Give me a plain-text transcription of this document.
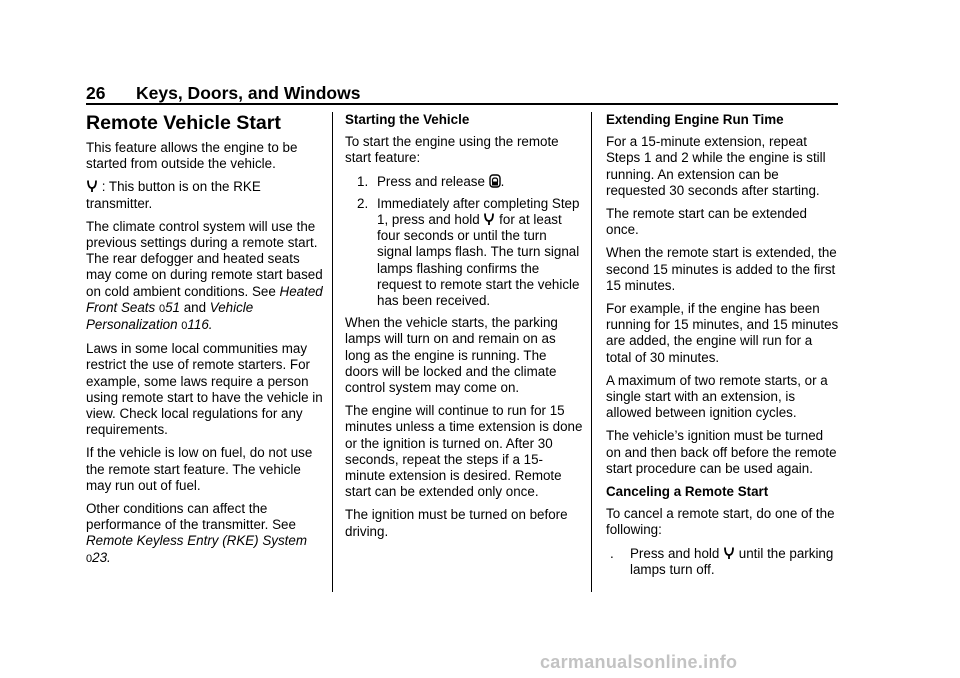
26 Keys, Doors, and Windows
Remote Vehicle Start

This feature allows the engine to be started from outside the vehicle.

: This button is on the RKE transmitter.

The climate control system will use the previous settings during a remote start. The rear defogger and heated seats may come on during remote start based on cold ambient conditions. See Heated Front Seats 051 and Vehicle Personalization 0116.

Laws in some local communities may restrict the use of remote starters. For example, some laws require a person using remote start to have the vehicle in view. Check local regulations for any requirements.

If the vehicle is low on fuel, do not use the remote start feature. The vehicle may run out of fuel.

Other conditions can affect the performance of the transmitter. See Remote Keyless Entry (RKE) System 023.

Starting the Vehicle

To start the engine using the remote start feature:

1. Press and release .
2. Immediately after completing Step 1, press and hold  for at least four seconds or until the turn signal lamps flash. The turn signal lamps flashing confirms the request to remote start the vehicle has been received.

When the vehicle starts, the parking lamps will turn on and remain on as long as the engine is running. The doors will be locked and the climate control system may come on.

The engine will continue to run for 15 minutes unless a time extension is done or the ignition is turned on. After 30 seconds, repeat the steps if a 15-minute extension is desired. Remote start can be extended only once.

The ignition must be turned on before driving.

Extending Engine Run Time

For a 15-minute extension, repeat Steps 1 and 2 while the engine is still running. An extension can be requested 30 seconds after starting.

The remote start can be extended once.

When the remote start is extended, the second 15 minutes is added to the first 15 minutes.

For example, if the engine has been running for 15 minutes, and 15 minutes are added, the engine will run for a total of 30 minutes.

A maximum of two remote starts, or a single start with an extension, is allowed between ignition cycles.

The vehicle’s ignition must be turned on and then back off before the remote start procedure can be used again.

Canceling a Remote Start

To cancel a remote start, do one of the following:

. Press and hold  until the parking lamps turn off.
carmanualsonline.info
